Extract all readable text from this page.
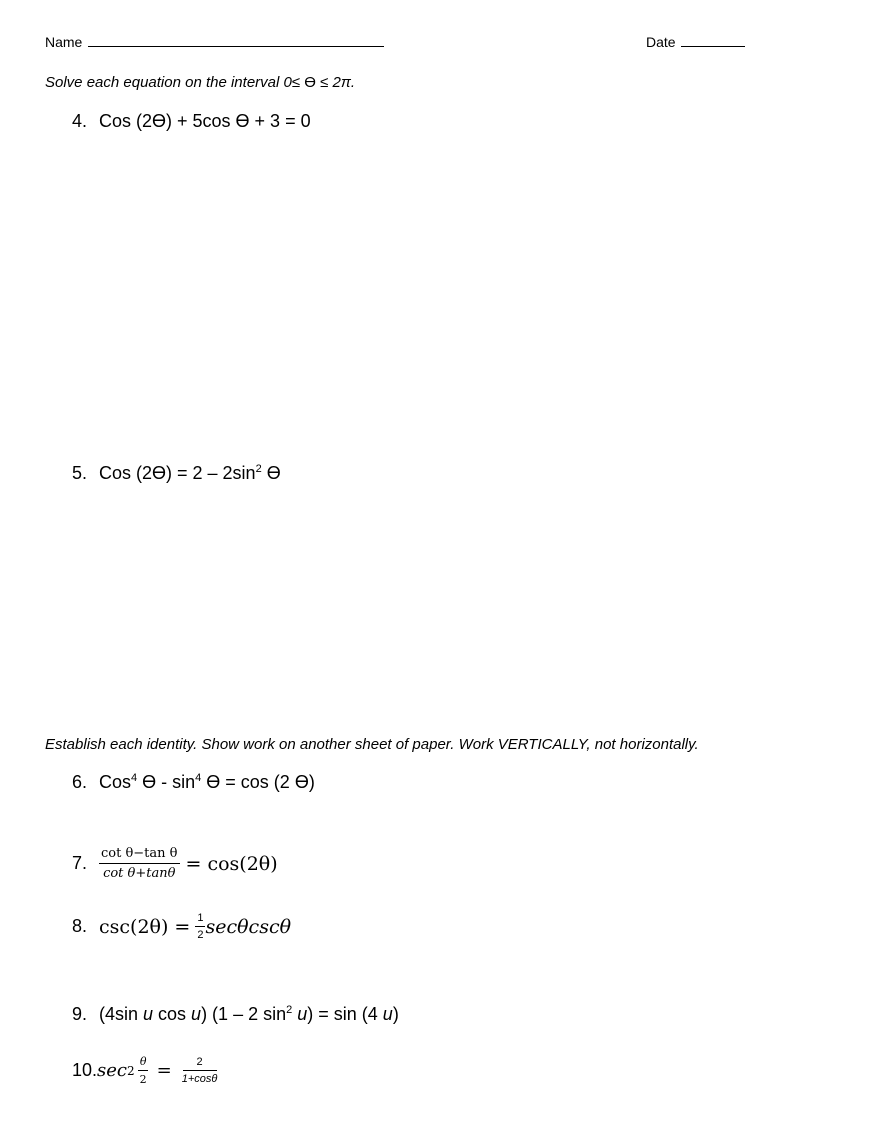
Name	Date
Solve each equation on the interval 0≤ ϴ ≤ 2π.
4. Cos (2ϴ) + 5cos ϴ + 3 = 0
5. Cos $(2ϴ) = 2 - 2\sin^2$ ϴ
Establish each identity. Show work on another sheet of paper. Work VERTICALLY, not horizontally.
6. Cos$^4$ $ϴ - \sin^4 ϴ = \cos (2$ ϴ)
7. $\frac{\text{cot θ−tan θ}}{\text{cot θ+tanθ}} = \cos(2\theta)$
8. $\csc(2\theta) = \frac{1}{2}$ secθcscθ
9. (4sin u cos u) (1 – 2 $\sin^2 u) = \sin (4$ u)
10. $\sec 2 \frac{\theta}{2} = \frac{2}{1+\cos\theta}$
